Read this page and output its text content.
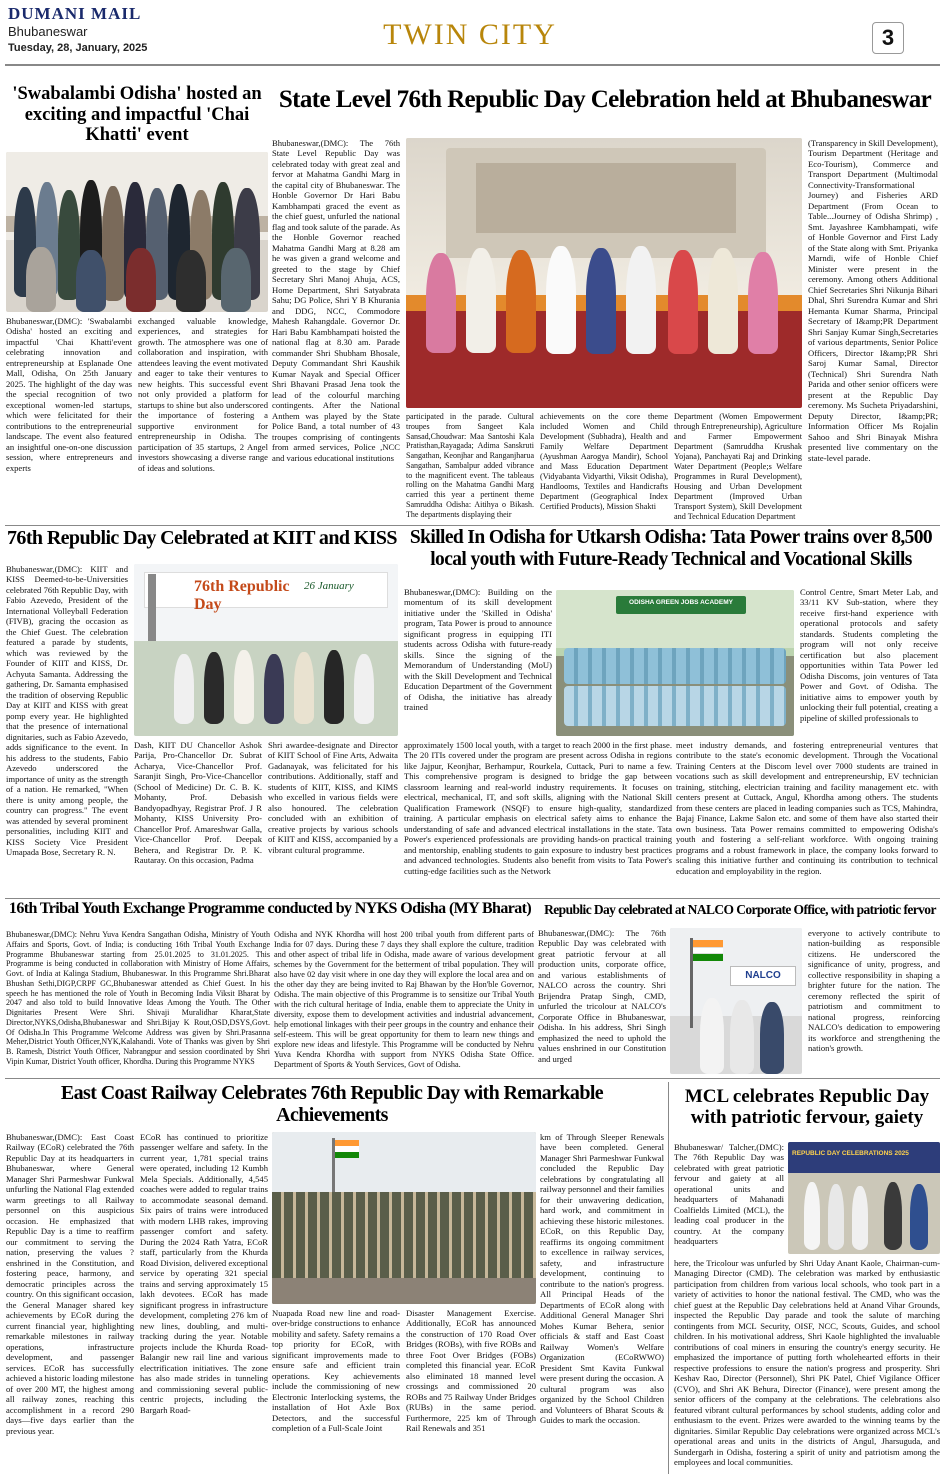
DUMANI MAIL
Bhubaneswar
Tuesday, 28, January, 2025	TWIN CITY	3
'Swabalambi Odisha' hosted an exciting and impactful 'Chai Khatti' event
Bhubaneswar,(DMC): 'Swabalambi Odisha' hosted an exciting and impactful 'Chai Khatti'event celebrating innovation and entrepreneurship at Esplanade One Mall, Odisha, On 25th January 2025. The highlight of the day was the special recognition of two exceptional women-led startups, which were felicitated for their contributions to the entrepreneurial landscape. The event also featured an insightful one-on-one discussion session, where entrepreneurs and experts
exchanged valuable knowledge, experiences, and strategies for growth. The atmosphere was one of collaboration and inspiration, with attendees leaving the event motivated and eager to take their ventures to new heights. This successful event not only provided a platform for startups to shine but also underscored the importance of fostering a supportive environment for entrepreneurship in Odisha. The participation of 35 startups, 2 Angel investors showcasing a diverse range of ideas and solutions.
State Level 76th Republic Day Celebration held at Bhubaneswar
Bhubaneswar,(DMC): The 76th State Level Republic Day was celebrated today with great zeal and fervor at Mahatma Gandhi Marg in the capital city of Bhubaneswar. The Honble Governor Dr Hari Babu Kambhampati graced the event as the chief guest, unfurled the national flag and took salute of the parade. As the Honble Governor reached Mahatma Gandhi Marg at 8.28 am he was given a grand welcome and greeted to the stage by Chief Secretary Shri Manoj Ahuja, ACS, Home Department, Shri Satyabrata Sahu; DG Police, Shri Y B Khurania and DDG, NCC, Commodore Mahesh Rahangdale. Governor Dr. Hari Babu Kambhampati hoisted the national flag at 8.30 am. Parade commander Shri Shubham Bhosale, Deputy Commandant Shri Kaushik Kumar Nayak and Special Officer Shri Bhavani Prasad Jena took the lead of the colourful marching contingents. After the National Anthem was played by the State Police Band, a total number of 43 troupes comprising of contingents from armed services, Police ,NCC and various educational institutions
participated in the parade. Cultural troupes from Sangeet Kala Sansad,Choudwar: Maa Santoshi Kala Pratisthan,Rayagada; Adima Sanskruti Sangathan, Keonjhar and Ranganjharua Sangathan, Sambalpur added vibrance to the magnificent event. The tableaus rolling on the Mahatma Gandhi Marg carried this year a pertinent theme Samruddha Odisha: Aitihya o Bikash. The departments displaying their
achievements on the core theme included Women and Child Development (Subhadra), Health and Family Welfare Department (Ayushman Aarogya Mandir), School and Mass Education Department (Vidyabanta Vidyarthi, Viksit Odisha), Handlooms, Textiles and Handicrafts Department (Geographical Index Certified Products), Mission Shakti
Department (Women Empowerment through Entrepreneurship), Agriculture and Farmer Empowerment Department (Samruddha Krushak Yojana), Panchayati Raj and Drinking Water Department (People;s Welfare Programmes in Rural Development), Housing and Urban Development Department (Improved Urban Transport System), Skill Development and Technical Education Department
(Transparency in Skill Development), Tourism Department (Heritage and Eco-Tourism), Commerce and Transport Department (Multimodal Connectivity-Transformational Journey) and Fisheries ARD Department (From Ocean to Table...Journey of Odisha Shrimp) , Smt. Jayashree Kambhampati, wife of Honble Governor and First Lady of the State along with Smt. Priyanka Marndi, wife of Honble Chief Minister were present in the ceremony. Among others Additional Chief Secretaries Shri Nikunja Bihari Dhal, Shri Surendra Kumar and Shri Hemanta Kumar Sharma, Principal Secretary of I&amp;PR Department Shri Sanjay Kumar Singh,Secretaries of various departments, Senior Police Officers, Director I&amp;PR Shri Saroj Kumar Samal, Director (Technical) Shri Surendra Nath Parida and other senior officers were present at the Republic Day ceremony. Ms Sucheta Priyadarshini, Deputy Director, I&amp;PR; Information Officer Ms Rojalin Sahoo and Shri Binayak Mishra presented live commentary on the state-level parade.
76th Republic Day Celebrated at KIIT and KISS
Bhubaneswar,(DMC): KIIT and KISS Deemed-to-be-Universities celebrated 76th Republic Day, with Fabio Azevedo, President of the International Volleyball Federation (FIVB), gracing the occasion as the Chief Guest. The celebration featured a parade by students, which was reviewed by the Founder of KIIT and KISS, Dr. Achyuta Samanta. Addressing the gathering, Dr. Samanta emphasised the tradition of observing Republic Day at KIIT and KISS with great pomp every year. He highlighted that the presence of international dignitaries, such as Fabio Azevedo, adds significance to the event. In his address to the students, Fabio Azevedo underscored the importance of unity as the strength of a nation. He remarked, "When there is unity among people, the country can progress." The event was attended by several prominent personalities, including KIIT and KISS Society Vice President Umapada Bose, Secretary R. N.
76th Republic Day
26 January
Dash, KIIT DU Chancellor Ashok Parija, Pro-Chancellor Dr. Subrat Acharya, Vice-Chancellor Prof. Saranjit Singh, Pro-Vice-Chancellor (School of Medicine) Dr. C. B. K. Mohanty, Prof. Debasish Bandyopadhyay, Registrar Prof. J R Mohanty, KISS University Pro-Chancellor Prof. Amareshwar Galla, Vice-Chancellor Prof. Deepak Behera, and Registrar Dr. P. K. Rautaray. On this occasion, Padma
Shri awardee-designate and Director of KIIT School of Fine Arts, Adwaita Gadanayak, was felicitated for his contributions. Additionally, staff and students of KIIT, KISS, and KIMS who excelled in various fields were also honoured. The celebration concluded with an exhibition of creative projects by various schools of KIIT and KISS, accompanied by a vibrant cultural programme.
Skilled In Odisha for Utkarsh Odisha: Tata Power trains over 8,500 local youth with Future-Ready Technical and Vocational Skills
Bhubaneswar,(DMC): Building on the momentum of its skill development initiative under the 'Skilled in Odisha' program, Tata Power is proud to announce significant progress in equipping ITI students across Odisha with future-ready skills. Since the signing of the Memorandum of Understanding (MoU) with the Skill Development and Technical Education Department of the Government of Odisha, the initiative has already trained
ODISHA GREEN JOBS ACADEMY
Control Centre, Smart Meter Lab, and 33/11 KV Sub-station, where they receive first-hand experience with operational protocols and safety standards. Students completing the program will not only receive certification but also placement opportunities within Tata Power led Odisha Discoms, join ventures of Tata Power and Govt. of Odisha. The initiative aims to empower youth by unlocking their full potential, creating a pipeline of skilled professionals to
approximately 1500 local youth, with a target to reach 2000 in the first phase. The 20 ITIs covered under the program are present across Odisha in regions like Jajpur, Keonjhar, Berhampur, Rourkela, Cuttack, Puri to name a few. This comprehensive program is designed to bridge the gap between classroom learning and real-world industry requirements. It focuses on electrical, mechanical, IT, and soft skills, aligning with the National Skill Qualification Framework (NSQF) to ensure high-quality, standardized training. A particular emphasis on electrical safety aims to enhance the understanding of safe and advanced electrical installations in the state. Tata Power's experienced professionals are providing hands-on practical training and mentorship, enabling students to gain exposure to industry best practices and advanced technologies. Students also benefit from visits to Tata Power's cutting-edge facilities such as the Network
meet industry demands, and fostering entrepreneurial ventures that contribute to the state's economic development. Through the Vocational Training Centers at the Discom level over 7000 students are trained in vocations such as skill development and entrepreneurship, EV technician training, stitching, electrician training and facility management etc. with centers present at Cuttack, Angul, Khordha among others. The students from these centers are placed in leading companies such as TCS, Mahindra, Bajaj Finance, Lakme Salon etc. and some of them have also started their own business. Tata Power remains committed to empowering Odisha's youth and fostering a self-reliant workforce. With ongoing training programs and a robust framework in place, the company looks forward to scaling this initiative further and continuing its contribution to technical education and employability in the region.
16th Tribal Youth Exchange Programme conducted by NYKS Odisha (MY Bharat)
Bhubaneswar,(DMC): Nehru Yuva Kendra Sangathan Odisha, Ministry of Youth Affairs and Sports, Govt. of India; is conducting 16th Tribal Youth Exchange Programme Bhubaneswar starting from 25.01.2025 to 31.01.2025. This Programme is being conducted in collaboration with Ministry of Home Affairs, Govt. of India at Kalinga Stadium, Bhubaneswar. In this Programme Shri.Bharat Bhushan Sethi,DIGP,CRPF GC,Bhubaneswar attended as Chief Guest. In his speech he has mentioned the role of Youth in Becoming India Viksit Bharat by 2047 and also told to build Innovative Ideas Among the Youth. The Other Dignitaries Present Were Shri. Shivaji Muralidhar Kharat,State Director,NYKS,Odisha,Bhubaneswar and Shri.Bijay K Rout,OSD,DSYS,Govt. Of Odisha.In This Programme Welcome Address was given by Shri.Prasanna Meher,District Youth Officer,NYK,Kalahandi. Vote of Thanks was given by Shri B. Ramesh, District Youth Officer, Nabrangpur and session coordinated by Shri Vipin Kumar, District Youth officer, Khordha. During this Programme NYKS
Odisha and NYK Khordha will host 200 tribal youth from different parts of India for 07 days. During these 7 days they shall explore the culture, tradition and other aspect of tribal life in Odisha, made aware of various development schemes by the Government for the betterment of tribal population. They will also have 02 day visit where in one day they will explore the local area and on the other day they are being invited to Raj Bhawan by the Hon'ble Governor, Odisha. The main objective of this Programme is to sensitize our Tribal Youth with the rich cultural heritage of India, enable them to appreciate the Unity in diversity, expose them to development activities and industrial advancement, help emotional linkages with their peer groups in the country and enhance their self-esteem. This will be great opportunity for them to learn new things and explore new ideas and lifestyle. This Programme will be conducted by Nehru Yuva Kendra Khordha with support from NYKS Odisha State Office. Department of Sports & Youth Services, Govt of Odisha.
Republic Day celebrated at NALCO Corporate Office, with patriotic fervor
Bhubaneswar,(DMC): The 76th Republic Day was celebrated with great patriotic fervour at all production units, corporate office, and various establishments of NALCO across the country. Shri Brijendra Pratap Singh, CMD, unfurled the tricolour at NALCO's Corporate Office in Bhubaneswar, Odisha. In his address, Shri Singh emphasized the need to uphold the values enshrined in our Constitution and urged
NALCO
everyone to actively contribute to nation-building as responsible citizens. He underscored the significance of unity, progress, and collective responsibility in shaping a brighter future for the nation. The ceremony reflected the spirit of patriotism and commitment to national progress, reinforcing NALCO's dedication to empowering its workforce and strengthening the nation's growth.
East Coast Railway Celebrates 76th Republic Day with Remarkable Achievements
Bhubaneswar,(DMC): East Coast Railway (ECoR) celebrated the 76th Republic Day at its headquarters in Bhubaneswar, where General Manager Shri Parmeshwar Funkwal unfurling the National Flag extended warm greetings to all Railway personnel on this auspicious occasion. He emphasized that Republic Day is a time to reaffirm our commitment to serving the nation, preserving the values ?enshrined in the Constitution, and fostering peace, harmony, and democratic principles across the country. On this significant occasion, the General Manager shared key achievements by ECoR during the current financial year, highlighting remarkable milestones in railway operations, infrastructure development, and passenger services. ECoR has successfully achieved a historic loading milestone of over 200 MT, the highest among all railway zones, reaching this accomplishment in a record 290 days—five days earlier than the previous year.
ECoR has continued to prioritize passenger welfare and safety. In the current year, 1,781 special trains were operated, including 12 Kumbh Mela Specials. Additionally, 4,545 coaches were added to regular trains to accommodate seasonal demand. Six pairs of trains were introduced with modern LHB rakes, improving passenger comfort and safety. During the 2024 Rath Yatra, ECoR staff, particularly from the Khurda Road Division, delivered exceptional service by operating 321 special trains and serving approximately 15 lakh devotees. ECoR has made significant progress in infrastructure development, completing 276 km of new lines, doubling, and multi-tracking during the year. Notable projects include the Khurda Road-Balangir new rail line and various electrification initiatives. The zone has also made strides in tunneling and commissioning several public-centric projects, including the Bargarh Road-
Nuapada Road new line and road-over-bridge constructions to enhance mobility and safety. Safety remains a top priority for ECoR, with significant improvements made to ensure safe and efficient train operations. Key achievements include the commissioning of new Electronic Interlocking systems, the installation of Hot Axle Box Detectors, and the successful completion of a Full-Scale Joint
Disaster Management Exercise. Additionally, ECoR has announced the construction of 170 Road Over Bridges (ROBs), with five ROBs and three Foot Over Bridges (FOBs) completed this financial year. ECoR also eliminated 18 manned level crossings and commissioned 20 ROBs and 75 Railway Under Bridges (RUBs) in the same period. Furthermore, 225 km of Through Rail Renewals and 351
km of Through Sleeper Renewals have been completed. General Manager Shri Parmeshwar Funkwal concluded the Republic Day celebrations by congratulating all railway personnel and their families for their unwavering dedication, hard work, and commitment in achieving these historic milestones. ECoR, on this Republic Day, reaffirms its ongoing commitment to excellence in railway services, safety, and infrastructure development, continuing to contribute to the nation's progress. All Principal Heads of the Departments of ECoR along with Additional General Manager Shri Mohes Kumar Behera, senior officials & staff and East Coast Railway Women's Welfare Organization (ECoRWWO) President Smt Kavita Funkwal were present during the occasion. A cultural program was also organized by the School Children and Volunteers of Bharat Scouts & Guides to mark the occasion.
MCL celebrates Republic Day with patriotic fervour, gaiety
Bhubaneswar/ Talcher,(DMC): The 76th Republic Day was celebrated with great patriotic fervour and gaiety at all operational units and headquarters of Mahanadi Coalfields Limited (MCL), the leading coal producer in the country. At the company headquarters
REPUBLIC DAY CELEBRATIONS 2025
here, the Tricolour was unfurled by Shri Uday Anant Kaole, Chairman-cum-Managing Director (CMD). The celebration was marked by enthusiastic participation from children from various local schools, who took part in a variety of activities to honor the national festival. The CMD, who was the chief guest at the Republic Day celebrations held at Anand Vihar Grounds, inspected the Republic Day parade and took the salute of marching contingents from MCL Security, OISF, NCC, Scouts, Guides, and school children. In his motivational address, Shri Kaole highlighted the invaluable contributions of coal miners in ensuring the country's energy security. He emphasized the importance of putting forth wholehearted efforts in their respective professions to ensure the nation's progress and prosperity. Shri Keshav Rao, Director (Personnel), Shri PK Patel, Chief Vigilance Officer (CVO), and Shri AK Behura, Director (Finance), were present among the senior officers of the company at the celebrations. The celebrations also featured vibrant cultural performances by school students, adding color and enthusiasm to the event. Prizes were awarded to the winning teams by the dignitaries. Similar Republic Day celebrations were organized across MCL's operational areas and units in the districts of Angul, Jharsuguda, and Sundergarh in Odisha, fostering a spirit of unity and patriotism among the employees and local communities.
